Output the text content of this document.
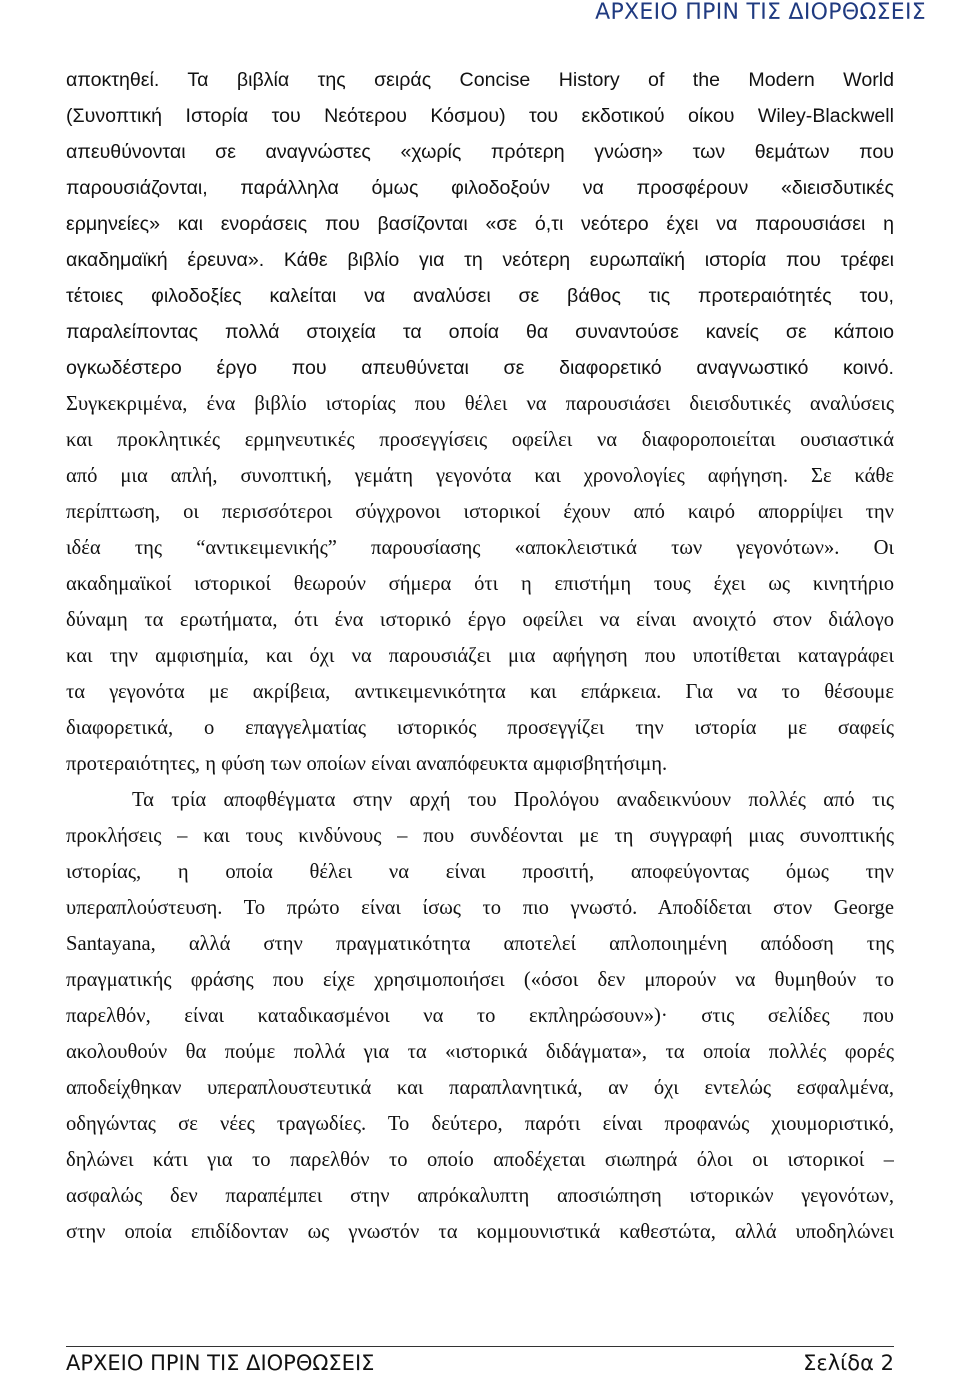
ΑΡΧΕΙΟ ΠΡΙΝ ΤΙΣ ΔΙΟΡΘΩΣΕΙΣ
αποκτηθεί. Τα βιβλία της σειράς Concise History of the Modern World
(Συνοπτική Ιστορία του Νεότερου Κόσμου) του εκδοτικού οίκου Wiley-Blackwell
απευθύνονται σε αναγνώστες «χωρίς πρότερη γνώση» των θεμάτων που
παρουσιάζονται, παράλληλα όμως φιλοδοξούν να προσφέρουν «διεισδυτικές
ερμηνείες» και ενοράσεις που βασίζονται «σε ό,τι νεότερο έχει να παρουσιάσει η
ακαδημαϊκή έρευνα». Κάθε βιβλίο για τη νεότερη ευρωπαϊκή ιστορία που τρέφει
τέτοιες φιλοδοξίες καλείται να αναλύσει σε βάθος τις προτεραιότητές του,
παραλείποντας πολλά στοιχεία τα οποία θα συναντούσε κανείς σε κάποιο
ογκωδέστερο έργο που απευθύνεται σε διαφορετικό αναγνωστικό κοινό.
Συγκεκριμένα, ένα βιβλίο ιστορίας που θέλει να παρουσιάσει διεισδυτικές αναλύσεις
και προκλητικές ερμηνευτικές προσεγγίσεις οφείλει να διαφοροποιείται ουσιαστικά
από μια απλή, συνοπτική, γεμάτη γεγονότα και χρονολογίες αφήγηση. Σε κάθε
περίπτωση, οι περισσότεροι σύγχρονοι ιστορικοί έχουν από καιρό απορρίψει την
ιδέα της “αντικειμενικής” παρουσίασης «αποκλειστικά των γεγονότων». Οι
ακαδημαϊκοί ιστορικοί θεωρούν σήμερα ότι η επιστήμη τους έχει ως κινητήριο
δύναμη τα ερωτήματα, ότι ένα ιστορικό έργο οφείλει να είναι ανοιχτό στον διάλογο
και την αμφισημία, και όχι να παρουσιάζει μια αφήγηση που υποτίθεται καταγράφει
τα γεγονότα με ακρίβεια, αντικειμενικότητα και επάρκεια. Για να το θέσουμε
διαφορετικά, ο επαγγελματίας ιστορικός προσεγγίζει την ιστορία με σαφείς
προτεραιότητες, η φύση των οποίων είναι αναπόφευκτα αμφισβητήσιμη.
Τα τρία αποφθέγματα στην αρχή του Προλόγου αναδεικνύουν πολλές από τις
προκλήσεις – και τους κινδύνους – που συνδέονται με τη συγγραφή μιας συνοπτικής
ιστορίας, η οποία θέλει να είναι προσιτή, αποφεύγοντας όμως την
υπεραπλούστευση. Το πρώτο είναι ίσως το πιο γνωστό. Αποδίδεται στον George
Santayana, αλλά στην πραγματικότητα αποτελεί απλοποιημένη απόδοση της
πραγματικής φράσης που είχε χρησιμοποιήσει («όσοι δεν μπορούν να θυμηθούν το
παρελθόν, είναι καταδικασμένοι να το εκπληρώσουν»)· στις σελίδες που
ακολουθούν θα πούμε πολλά για τα «ιστορικά διδάγματα», τα οποία πολλές φορές
αποδείχθηκαν υπεραπλουστευτικά και παραπλανητικά, αν όχι εντελώς εσφαλμένα,
οδηγώντας σε νέες τραγωδίες. Το δεύτερο, παρότι είναι προφανώς χιουμοριστικό,
δηλώνει κάτι για το παρελθόν το οποίο αποδέχεται σιωπηρά όλοι οι ιστορικοί –
ασφαλώς δεν παραπέμπει στην απρόκαλυπτη αποσιώπηση ιστορικών γεγονότων,
στην οποία επιδίδονταν ως γνωστόν τα κομμουνιστικά καθεστώτα, αλλά υποδηλώνει
ΑΡΧΕΙΟ ΠΡΙΝ ΤΙΣ ΔΙΟΡΘΩΣΕΙΣ	Σελίδα 2
